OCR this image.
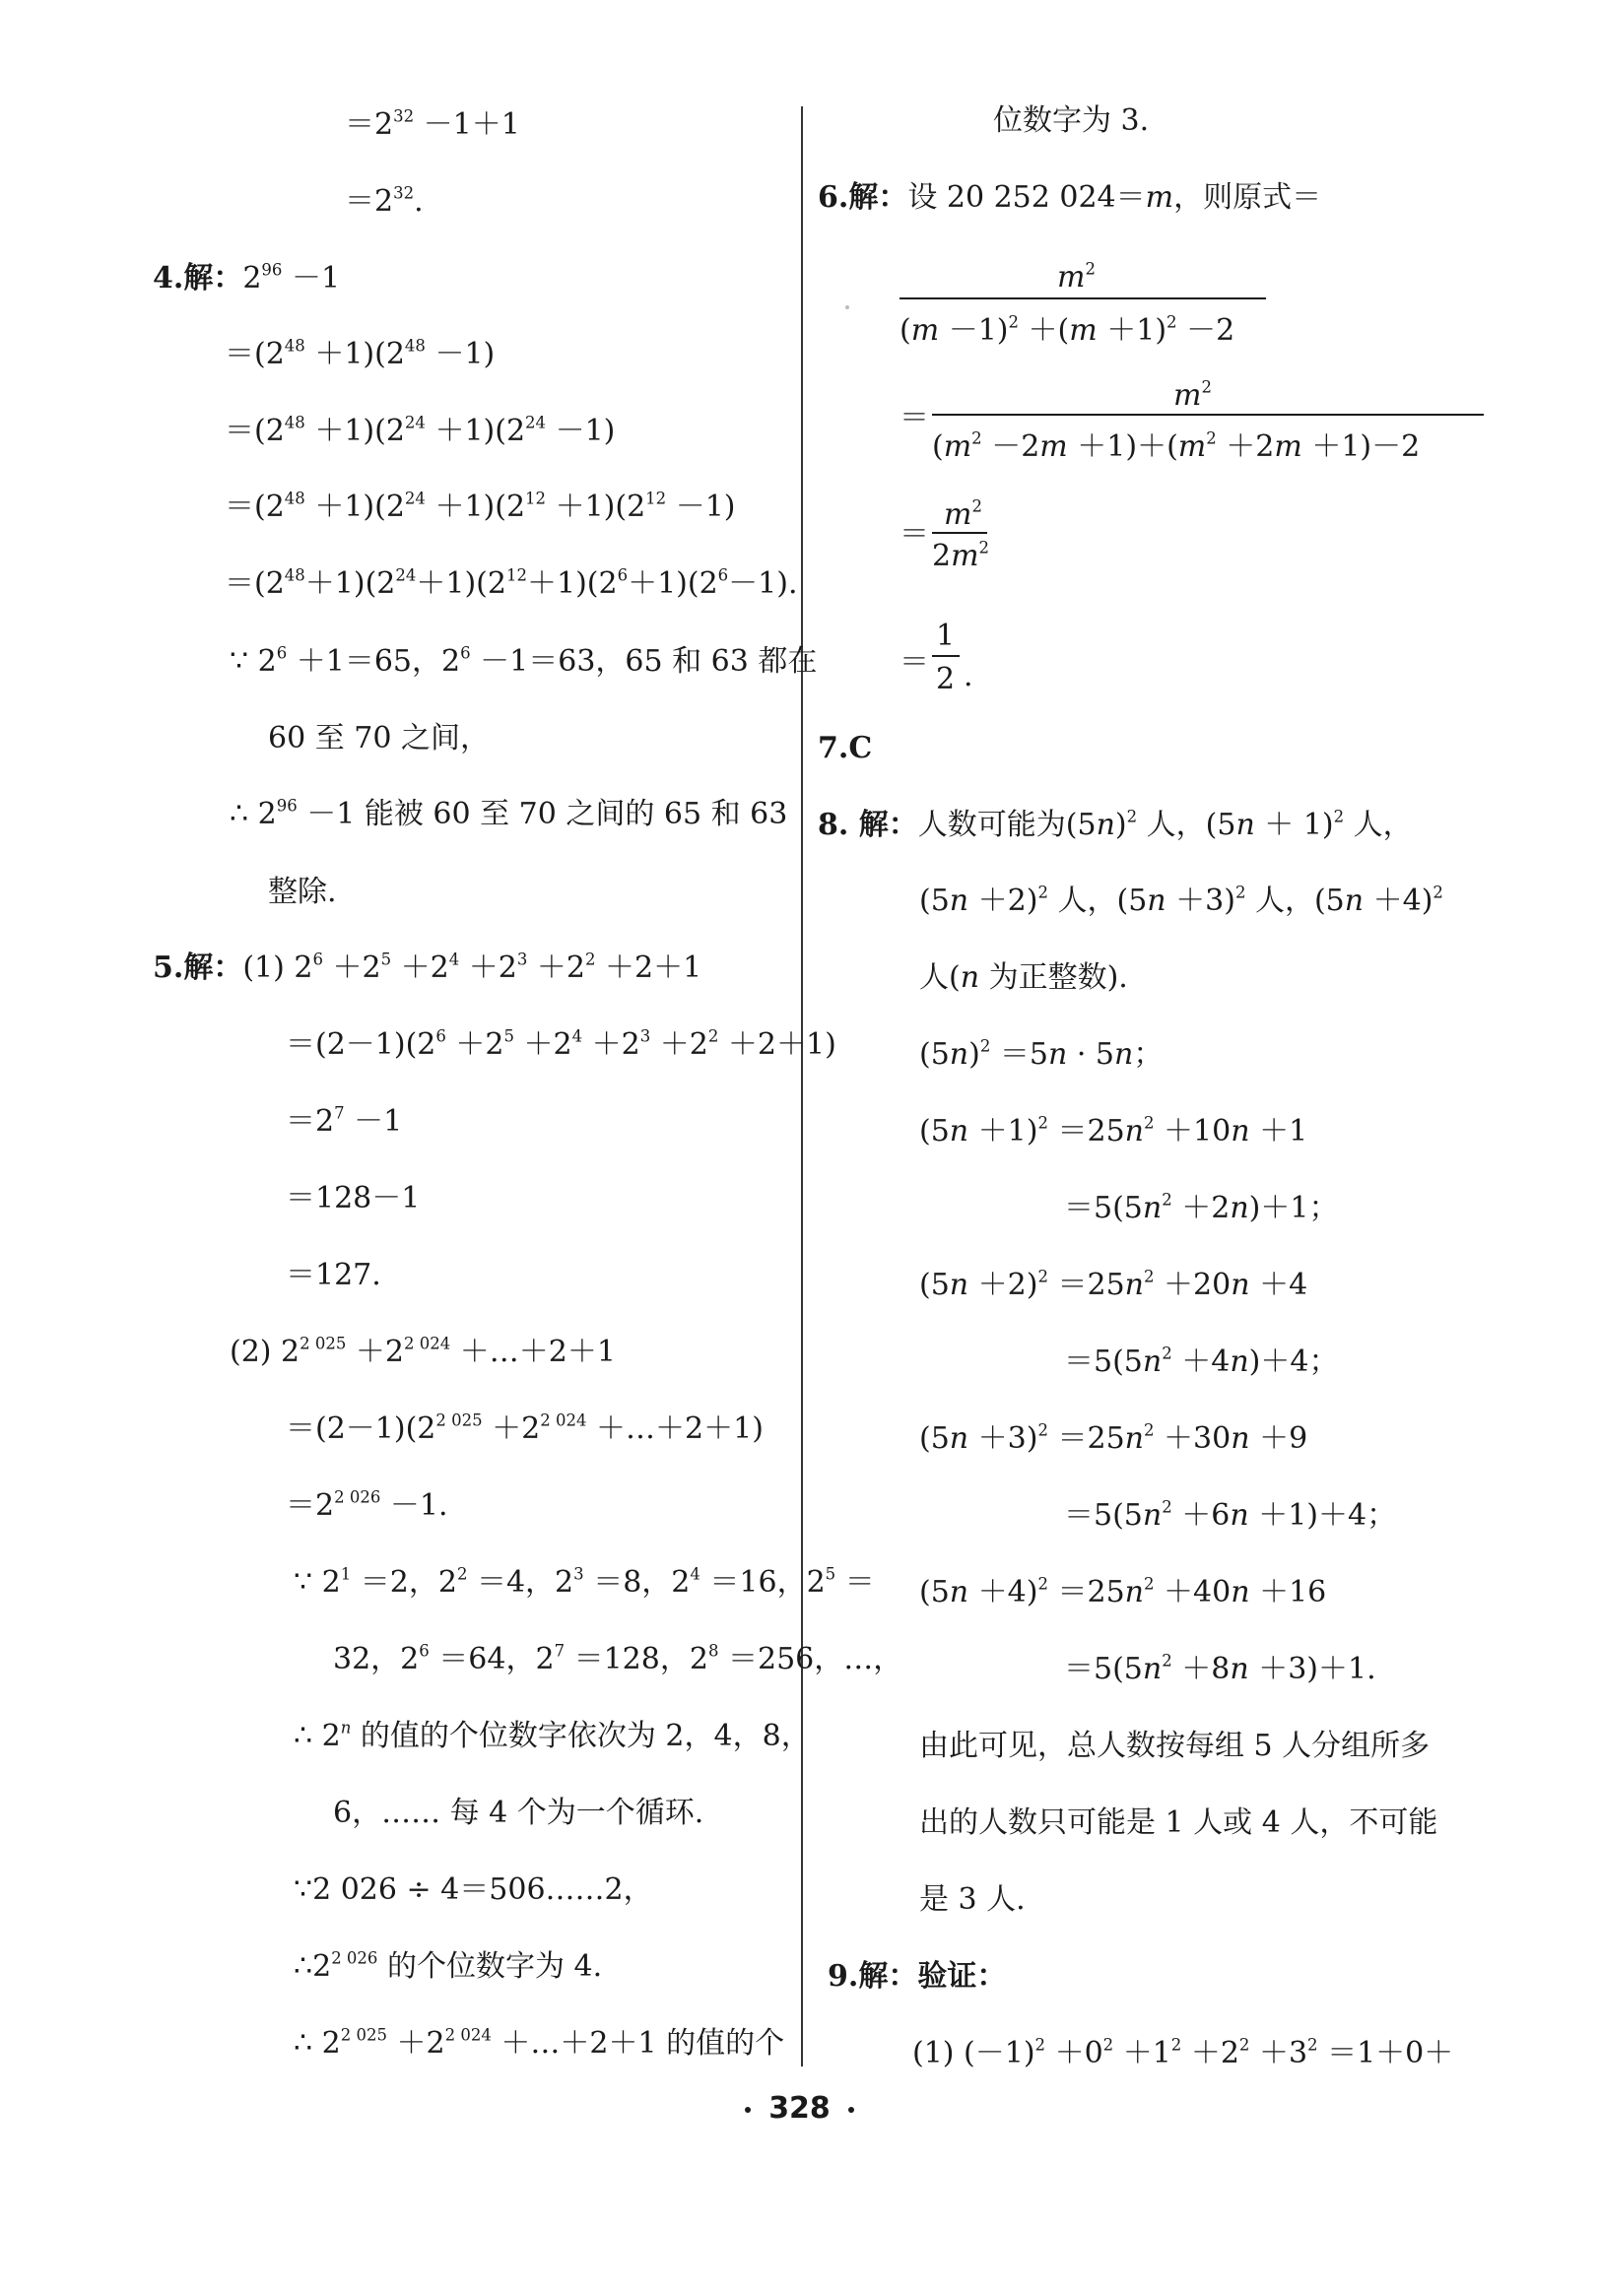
$=2^{32} -1+1$
$=2^{32}$.
4.解：$2^{96} -1$
$=(2^{48} +1)(2^{48} -1)$
$=(2^{48} +1)(2^{24} +1)(2^{24} -1)$
$=(2^{48} +1)(2^{24} +1)(2^{12} +1)(2^{12} -1)$
$=(2^{48}+1)(2^{24}+1)(2^{12}+1)(2^6+1)(2^6-1)$.
∵ $2^6 +1=65$，$2^6 -1=63$，65 和 63 都在
60 至 70 之间，
∴ $2^{96} -1$ 能被 60 至 70 之间的 65 和 63
整除.
5.解：(1) $2^6 +2^5 +2^4 +2^3 +2^2 +2+1$
$=(2-1)(2^6 +2^5 +2^4 +2^3 +2^2 +2+1)$
$=2^7 -1$
＝128－1
＝127.
(2) $2^{2 025} +2^{2 024}$ ＋…＋2＋1
$=(2-1)(2^{2 025} +2^{2 024}$ ＋…＋2＋1)
$=2^{2 026} -1$.
∵ $2^1 =2$，$2^2 =4$，$2^3 =8$，$2^4 =16$，$2^5$ ＝
32，$2^6 =64$，$2^7 =128$，$2^8 =256$，…，
∴ 2$^n$ 的值的个位数字依次为 2，4，8，
6，…… 每 4 个为一个循环.
∵2 026 ÷ 4＝506……2，
$\therefore 2^{2 026}$ 的个位数字为 4.
∴ $2^{2 025} +2^{2 024}$ ＋…＋2＋1 的值的个
位数字为 3.
6.解：设 20 252 024＝m，则原式＝
$m^2$
$(m -1)^2 +(m +1)^2 -2$
＝
$m^2$
$(m^2 -2m +1)+(m^2 +2m +1)-2$
＝
$m^2$
$2m^2$
＝
1
2 .
7.C
8. 解：人数可能为$(5n)^2$ 人，$(5n + 1)^2$ 人，
$(5n +2)^2$ 人，$(5n +3)^2$ 人，$(5n +4)^2$
人(n 为正整数).
$(5n)^2 =5n \cdot 5n$；
$(5n +1)^2 =25n^2 +10n +1$
$=5(5n^2 +2n)+1$；
$(5n +2)^2 =25n^2 +20n +4$
$=5(5n^2 +4n)+4$；
$(5n +3)^2 =25n^2 +30n +9$
$=5(5n^2 +6n +1)+4$；
$(5n +4)^2 =25n^2 +40n +16$
$=5(5n^2 +8n +3)+1$.
由此可见，总人数按每组 5 人分组所多
出的人数只可能是 1 人或 4 人，不可能
是 3 人.
9.解：验证：
(1) $(-1)^2 +0^2 +1^2 +2^2 +3^2 =1+0+$
328
